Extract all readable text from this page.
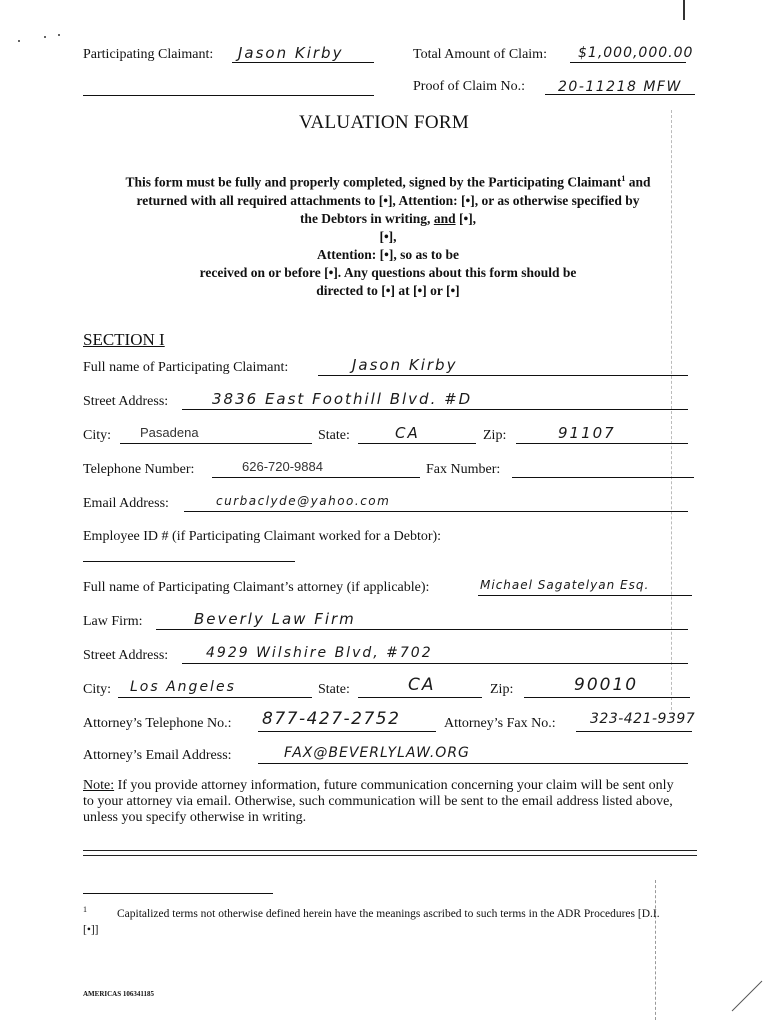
Participating Claimant: Jason Kirby	Total Amount of Claim: $1,000,000.00
Proof of Claim No.: 20-11218 MFW
VALUATION FORM
This form must be fully and properly completed, signed by the Participating Claimant$^1$ and
returned with all required attachments to [•], Attention: [•], or as otherwise specified by
the Debtors in writing, and [•],
[•],
Attention: [•], so as to be
received on or before [•]. Any questions about this form should be
directed to [•] at [•] or [•]
SECTION I
Full name of Participating Claimant:	Jason Kirby
Street Address:	3836 East Foothill Blvd. #D
City: Pasadena	State:	CA	Zip:	91107
Telephone Number:	626-720-9884	Fax Number:
Email Address:	curbaclyde@yahoo.com
Employee ID # (if Participating Claimant worked for a Debtor):
Full name of Participating Claimant’s attorney (if applicable):	Michael Sagatelyan Esq.
Law Firm:	Beverly Law Firm
Street Address:	4929 Wilshire Blvd, #702
City: Los Angeles	State:	CA	Zip:	90010
Attorney’s Telephone No.: 877-427-2752	Attorney’s Fax No.: 323-421-9397
Attorney’s Email Address:	FAX@BEVERLYLAW.ORG
Note: If you provide attorney information, future communication concerning your claim will be sent only to your attorney via email. Otherwise, such communication will be sent to the email address listed above, unless you specify otherwise in writing.
$^1$	Capitalized terms not otherwise defined herein have the meanings ascribed to such terms in the ADR Procedures [D.I. [•]]
AMERICAS 106341185
